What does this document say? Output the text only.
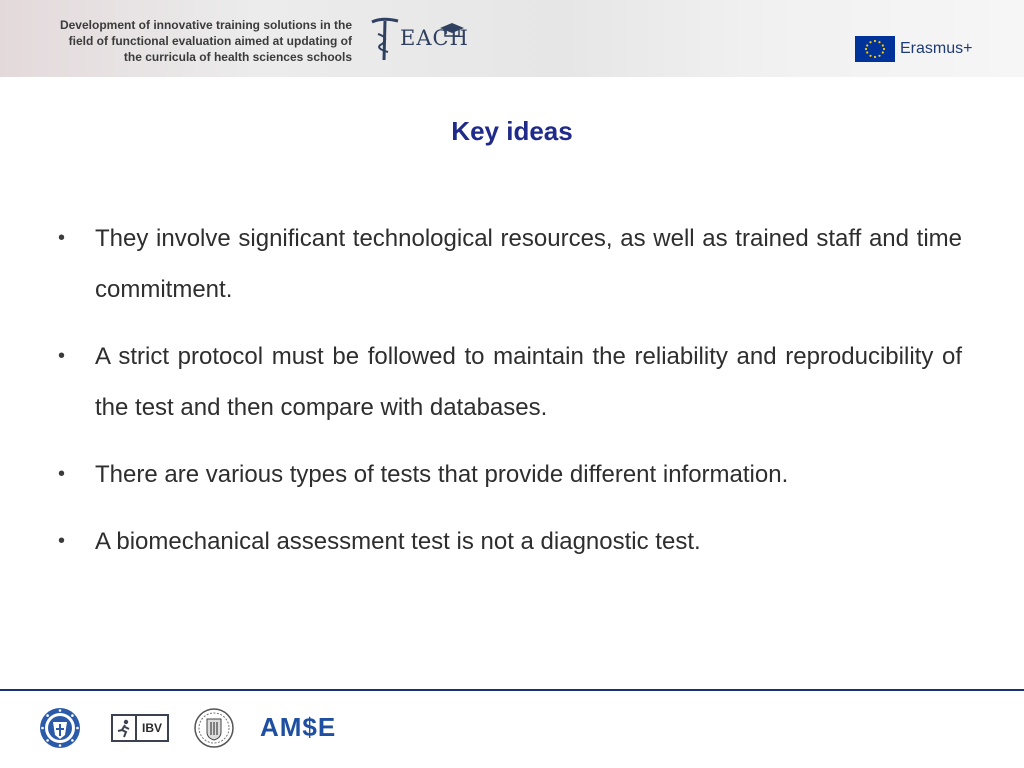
Development of innovative training solutions in the
field of functional evaluation aimed at updating of
the curricula of health sciences schools
EACH	Erasmus+
Key ideas
• They involve significant technological resources, as well as trained staff and time commitment.
• A strict protocol must be followed to maintain the reliability and reproducibility of the test and then compare with databases.
• There are various types of tests that provide different information.
• A biomechanical assessment test is not a diagnostic test.
IBV	AM$E
